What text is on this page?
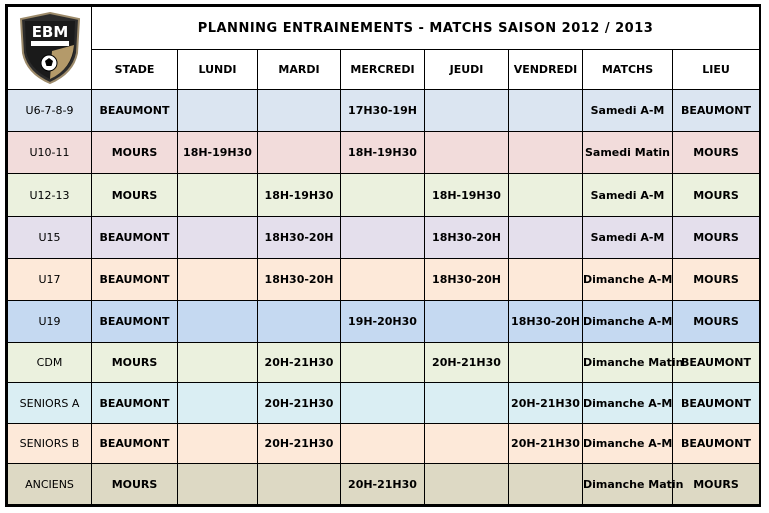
EBM	PLANNING ENTRAINEMENTS - MATCHS SAISON 2012 / 2013							
	STADE	LUNDI	MARDI	MERCREDI	JEUDI	VENDREDI	MATCHS	LIEU
U6-7-8-9	BEAUMONT			17H30-19H			Samedi A-M	BEAUMONT
U10-11	MOURS	18H-19H30		18H-19H30			Samedi Matin	MOURS
U12-13	MOURS		18H-19H30		18H-19H30		Samedi A-M	MOURS
U15	BEAUMONT		18H30-20H		18H30-20H		Samedi A-M	MOURS
U17	BEAUMONT		18H30-20H		18H30-20H		Dimanche A-M	MOURS
U19	BEAUMONT			19H-20H30		18H30-20H	Dimanche A-M	MOURS
CDM	MOURS		20H-21H30		20H-21H30		Dimanche Matin	BEAUMONT
SENIORS A	BEAUMONT		20H-21H30			20H-21H30	Dimanche A-M	BEAUMONT
SENIORS B	BEAUMONT		20H-21H30			20H-21H30	Dimanche A-M	BEAUMONT
ANCIENS	MOURS			20H-21H30			Dimanche Matin	MOURS
